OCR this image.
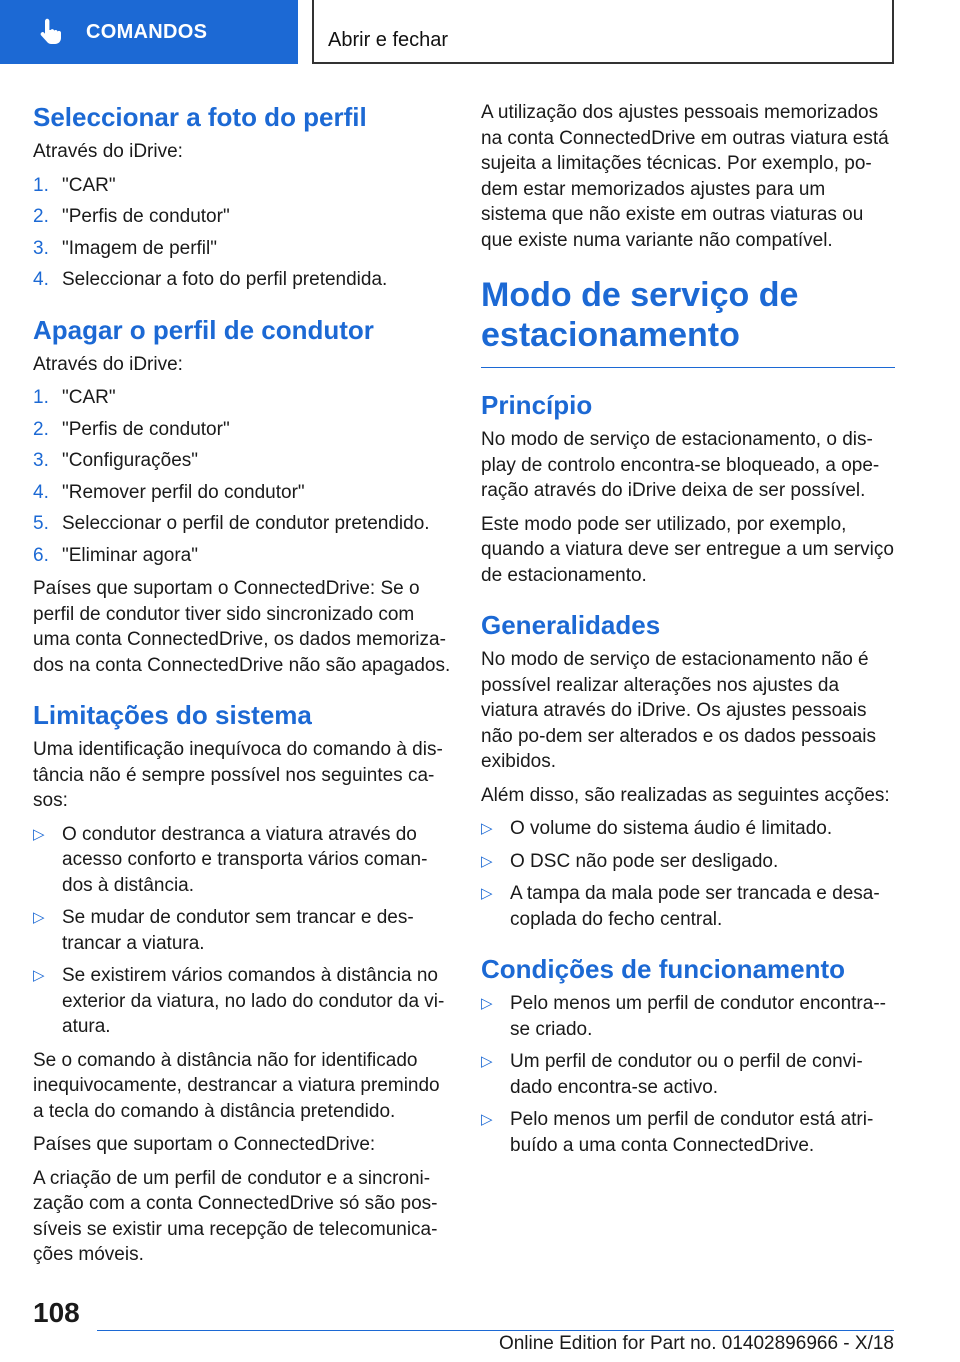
COMANDOS	Abrir e fechar
Seleccionar a foto do perfil

Através do iDrive:

1. "CAR"
2. "Perfis de condutor"
3. "Imagem de perfil"
4. Seleccionar a foto do perfil pretendida.
Apagar o perfil de condutor

Através do iDrive:

1. "CAR"
2. "Perfis de condutor"
3. "Configurações"
4. "Remover perfil do condutor"
5. Seleccionar o perfil de condutor pretendido.
6. "Eliminar agora"

Países que suportam o ConnectedDrive: Se o perfil de condutor tiver sido sincronizado com uma conta ConnectedDrive, os dados memoriza-dos na conta ConnectedDrive não são apagados.

Limitações do sistema

Uma identificação inequívoca do comando à dis-tância não é sempre possível nos seguintes ca-sos:

▷ O condutor destranca a viatura através do acesso conforto e transporta vários coman-dos à distância.
▷ Se mudar de condutor sem trancar e des-trancar a viatura.
▷ Se existirem vários comandos à distância no exterior da viatura, no lado do condutor da vi-atura.

Se o comando à distância não for identificado inequivocamente, destrancar a viatura premindo a tecla do comando à distância pretendido.

Países que suportam o ConnectedDrive:

A criação de um perfil de condutor e a sincroni-zação com a conta ConnectedDrive só são pos-síveis se existir uma recepção de telecomunica-ções móveis.

A utilização dos ajustes pessoais memorizados na conta ConnectedDrive em outras viatura está sujeita a limitações técnicas. Por exemplo, po-dem estar memorizados ajustes para um sistema que não existe em outras viaturas ou que existe numa variante não compatível.

Modo de serviço de estacionamento
Princípio

No modo de serviço de estacionamento, o dis-play de controlo encontra-se bloqueado, a ope-ração através do iDrive deixa de ser possível.

Este modo pode ser utilizado, por exemplo, quando a viatura deve ser entregue a um serviço de estacionamento.

Generalidades

No modo de serviço de estacionamento não é possível realizar alterações nos ajustes da viatura através do iDrive. Os ajustes pessoais não po-dem ser alterados e os dados pessoais exibidos.

Além disso, são realizadas as seguintes acções:

▷ O volume do sistema áudio é limitado.
▷ O DSC não pode ser desligado.
▷ A tampa da mala pode ser trancada e desa-coplada do fecho central.
Condições de funcionamento
▷ Pelo menos um perfil de condutor encontra--se criado.
▷ Um perfil de condutor ou o perfil de convi-dado encontra-se activo.
▷ Pelo menos um perfil de condutor está atri-buído a uma conta ConnectedDrive.
108
Online Edition for Part no. 01402896966 - X/18
